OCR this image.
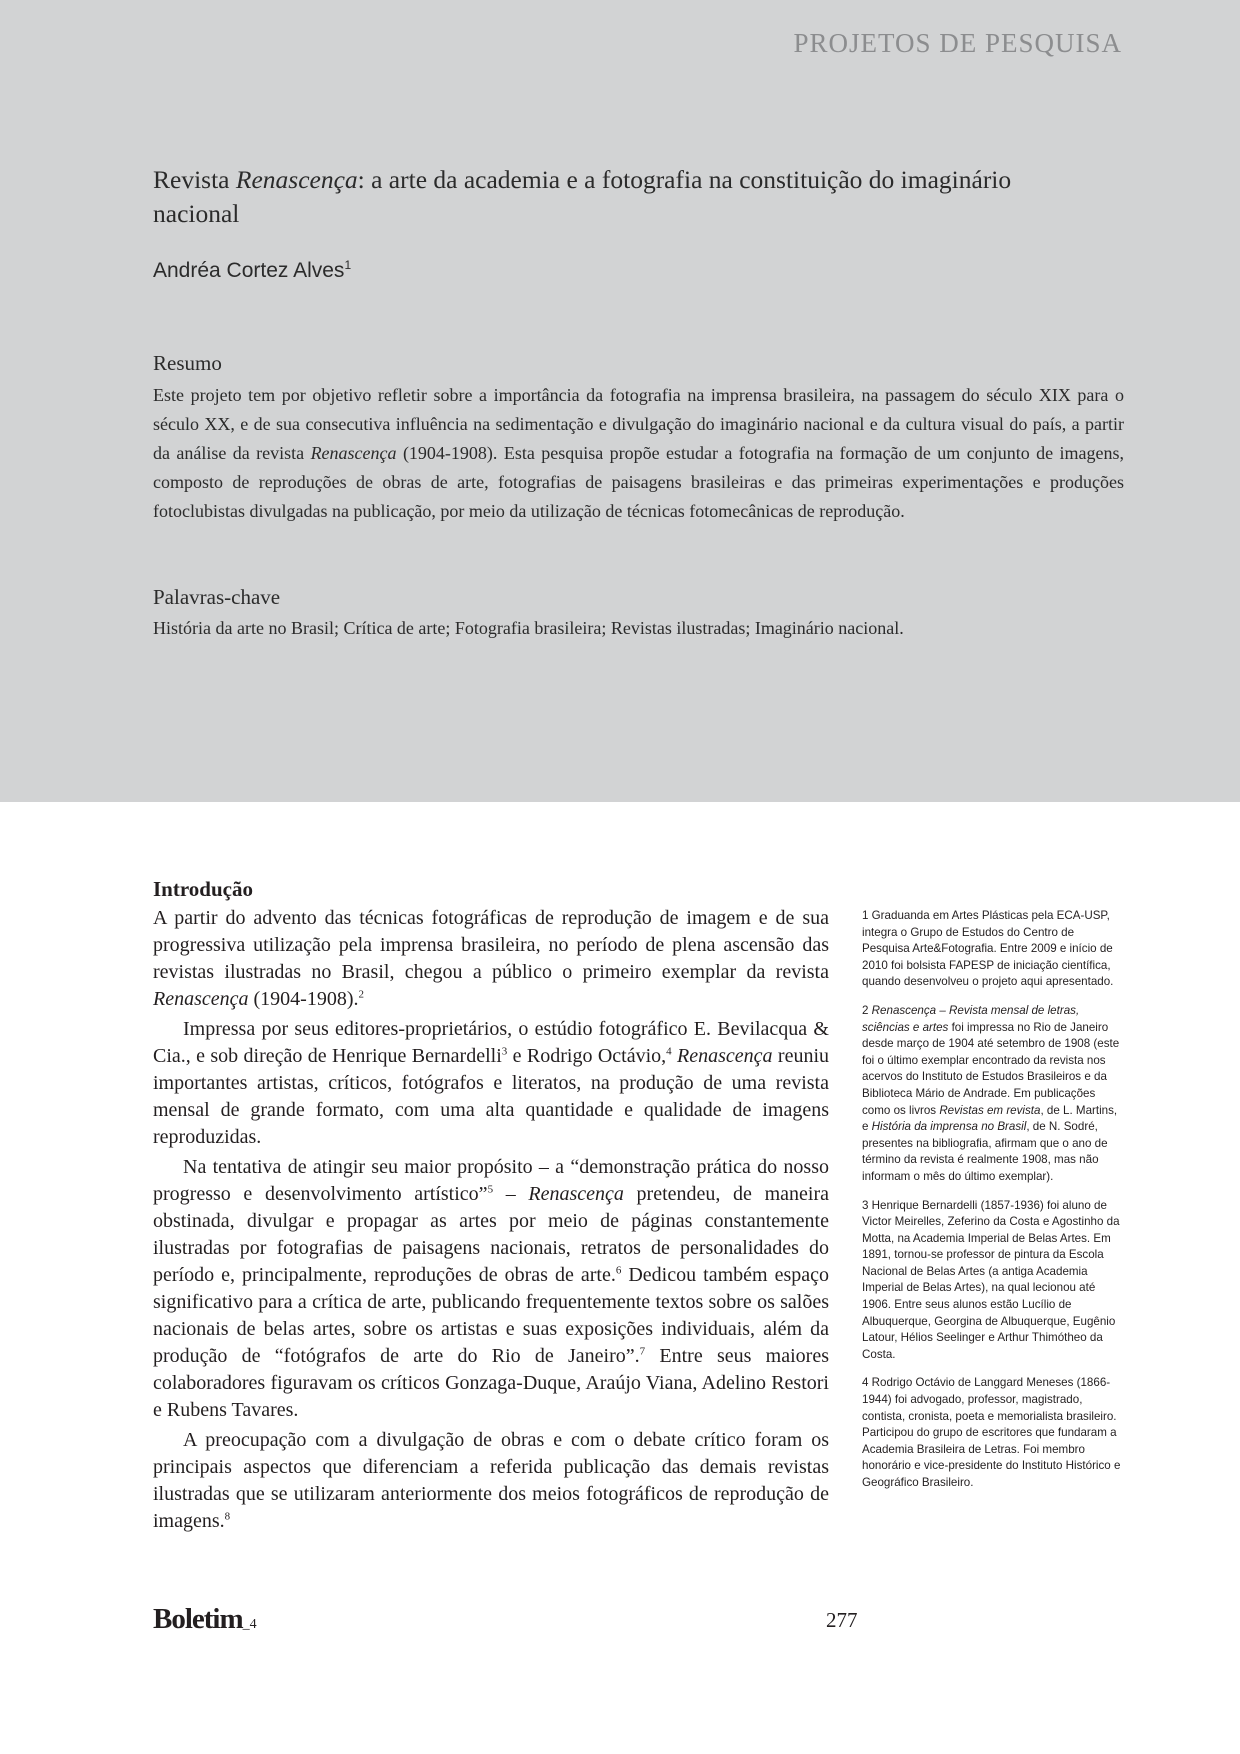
PROJETOS DE PESQUISA
Revista Renascença: a arte da academia e a fotografia na constituição do imaginário nacional
Andréa Cortez Alves$^1$
Resumo
Este projeto tem por objetivo refletir sobre a importância da fotografia na imprensa brasileira, na passagem do século XIX para o século XX, e de sua consecutiva influência na sedimentação e divulgação do imaginário nacional e da cultura visual do país, a partir da análise da revista Renascença (1904-1908). Esta pesquisa propõe estudar a fotografia na formação de um conjunto de imagens, composto de reproduções de obras de arte, fotografias de paisagens brasileiras e das primeiras experimentações e produções fotoclubistas divulgadas na publicação, por meio da utilização de técnicas fotomecânicas de reprodução.
Palavras-chave
História da arte no Brasil; Crítica de arte; Fotografia brasileira; Revistas ilustradas; Imaginário nacional.
Introdução

A partir do advento das técnicas fotográficas de reprodução de imagem e de sua progressiva utilização pela imprensa brasileira, no período de plena ascensão das revistas ilustradas no Brasil, chegou a público o primeiro exemplar da revista Renascença (1904-1908).$^2$

Impressa por seus editores-proprietários, o estúdio fotográfico E. Bevilacqua & Cia., e sob direção de Henrique Bernardelli$^3$ e Rodrigo Octávio,$^4$ Renascença reuniu importantes artistas, críticos, fotógrafos e literatos, na produção de uma revista mensal de grande formato, com uma alta quantidade e qualidade de imagens reproduzidas.

Na tentativa de atingir seu maior propósito – a “demonstração prática do nosso progresso e desenvolvimento artístico”$^5$ – Renascença pretendeu, de maneira obstinada, divulgar e propagar as artes por meio de páginas constantemente ilustradas por fotografias de paisagens nacionais, retratos de personalidades do período e, principalmente, reproduções de obras de arte.$^6$ Dedicou também espaço significativo para a crítica de arte, publicando frequentemente textos sobre os salões nacionais de belas artes, sobre os artistas e suas exposições individuais, além da produção de “fotógrafos de arte do Rio de Janeiro”.$^7$ Entre seus maiores colaboradores figuravam os críticos Gonzaga-Duque, Araújo Viana, Adelino Restori e Rubens Tavares.

A preocupação com a divulgação de obras e com o debate crítico foram os principais aspectos que diferenciam a referida publicação das demais revistas ilustradas que se utilizaram anteriormente dos meios fotográficos de reprodução de imagens.$^8$

1 Graduanda em Artes Plásticas pela ECA-USP, integra o Grupo de Estudos do Centro de Pesquisa Arte&Fotografia. Entre 2009 e início de 2010 foi bolsista FAPESP de iniciação científica, quando desenvolveu o projeto aqui apresentado.

2 Renascença – Revista mensal de letras, sciências e artes foi impressa no Rio de Janeiro desde março de 1904 até setembro de 1908 (este foi o último exemplar encontrado da revista nos acervos do Instituto de Estudos Brasileiros e da Biblioteca Mário de Andrade. Em publicações como os livros Revistas em revista, de L. Martins, e História da imprensa no Brasil, de N. Sodré, presentes na bibliografia, afirmam que o ano de término da revista é realmente 1908, mas não informam o mês do último exemplar).

3 Henrique Bernardelli (1857-1936) foi aluno de Victor Meirelles, Zeferino da Costa e Agostinho da Motta, na Academia Imperial de Belas Artes. Em 1891, tornou-se professor de pintura da Escola Nacional de Belas Artes (a antiga Academia Imperial de Belas Artes), na qual lecionou até 1906. Entre seus alunos estão Lucílio de Albuquerque, Georgina de Albuquerque, Eugênio Latour, Hélios Seelinger e Arthur Thimótheo da Costa.

4 Rodrigo Octávio de Langgard Meneses (1866-1944) foi advogado, professor, magistrado, contista, cronista, poeta e memorialista brasileiro. Participou do grupo de escritores que fundaram a Academia Brasileira de Letras. Foi membro honorário e vice-presidente do Instituto Histórico e Geográfico Brasileiro.

Boletim_4	277
